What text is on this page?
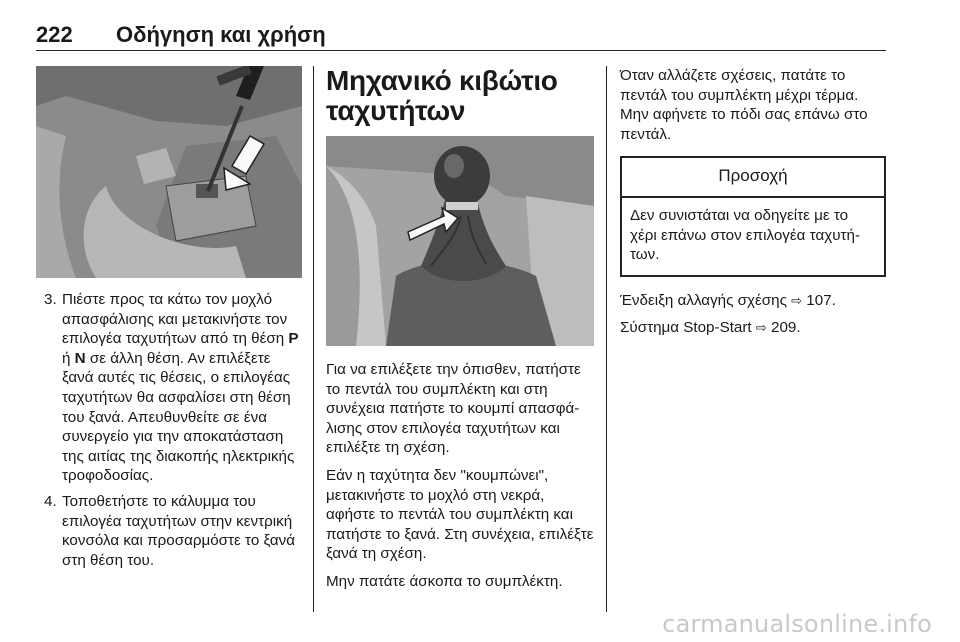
222 Οδήγηση και χρήση
3. Πιέστε προς τα κάτω τον μοχλό απασφάλισης και μετακινήστε τον επιλογέα ταχυτήτων από τη θέση P ή N σε άλλη θέση. Αν επιλέξετε ξανά αυτές τις θέσεις, ο επιλογέας ταχυτήτων θα ασφαλίσει στη θέση του ξανά. Απευθυνθείτε σε ένα συνεργείο για την αποκατάσταση της αιτίας της διακοπής ηλεκτρικής τροφοδοσίας.
4. Τοποθετήστε το κάλυμμα του επιλογέα ταχυτήτων στην κεντρική κονσόλα και προσαρμόστε το ξανά στη θέση του.
Μηχανικό κιβώτιο ταχυτήτων

Για να επιλέξετε την όπισθεν, πατήστε το πεντάλ του συμπλέκτη και στη συνέχεια πατήστε το κουμπί απασφάλισης στον επιλογέα ταχυτήτων και επιλέξτε τη σχέση.

Εάν η ταχύτητα δεν "κουμπώνει", μετακινήστε το μοχλό στη νεκρά, αφήστε το πεντάλ του συμπλέκτη και πατήστε το ξανά. Στη συνέχεια, επιλέξτε ξανά τη σχέση.

Μην πατάτε άσκοπα το συμπλέκτη.

Όταν αλλάζετε σχέσεις, πατάτε το πεντάλ του συμπλέκτη μέχρι τέρμα. Μην αφήνετε το πόδι σας επάνω στο πεντάλ.

Προσοχή
Δεν συνιστάται να οδηγείτε με το χέρι επάνω στον επιλογέα ταχυτήτων.

Ένδειξη αλλαγής σχέσης ⇨ 107.

Σύστημα Stop-Start ⇨ 209.

carmanualsonline.info
